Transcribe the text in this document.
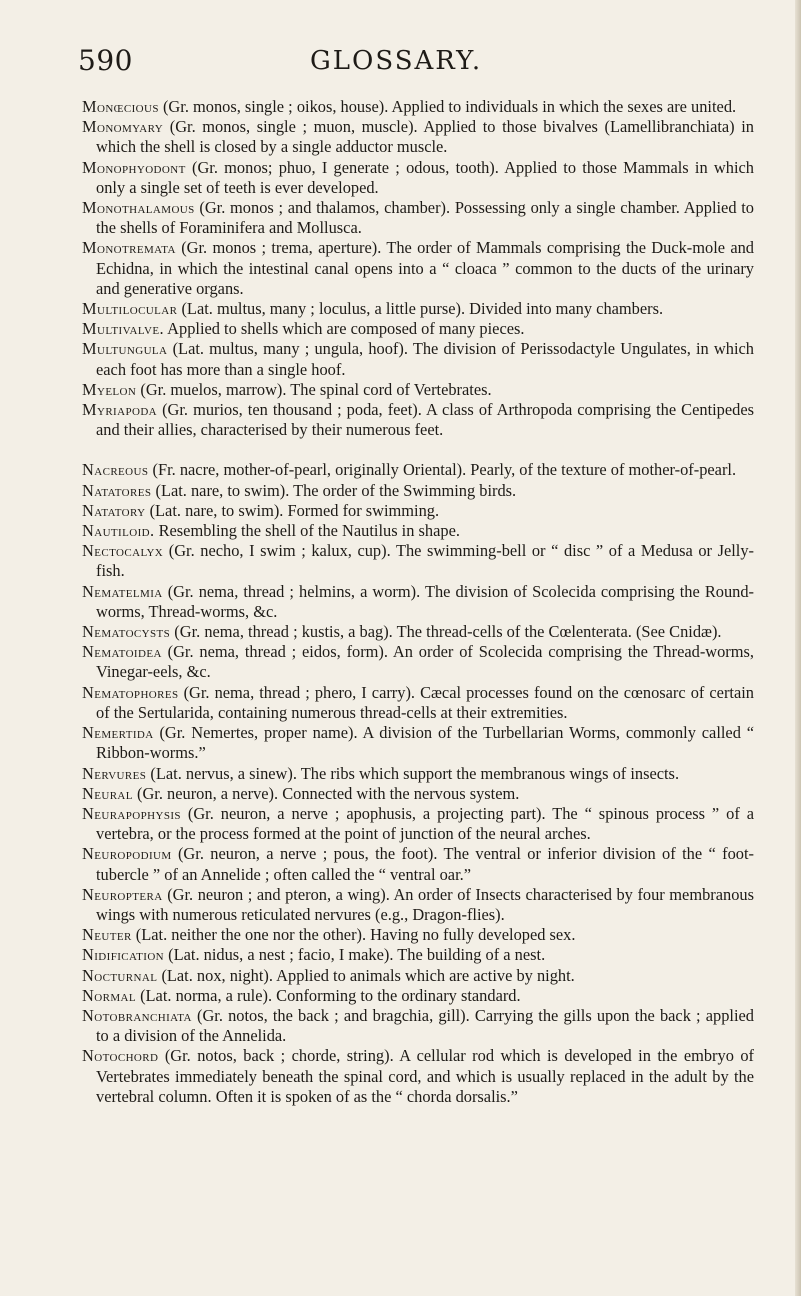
590	GLOSSARY.

Monœcious (Gr. monos, single ; oikos, house). Applied to individuals in which the sexes are united.

Monomyary (Gr. monos, single ; muon, muscle). Applied to those bivalves (Lamellibranchiata) in which the shell is closed by a single adductor muscle.

Monophyodont (Gr. monos; phuo, I generate ; odous, tooth). Applied to those Mammals in which only a single set of teeth is ever developed.

Monothalamous (Gr. monos ; and thalamos, chamber). Possessing only a single chamber. Applied to the shells of Foraminifera and Mollusca.

Monotremata (Gr. monos ; trema, aperture). The order of Mammals comprising the Duck-mole and Echidna, in which the intestinal canal opens into a “ cloaca ” common to the ducts of the urinary and generative organs.

Multilocular (Lat. multus, many ; loculus, a little purse). Divided into many chambers.

Multivalve. Applied to shells which are composed of many pieces.

Multungula (Lat. multus, many ; ungula, hoof). The division of Perissodactyle Ungulates, in which each foot has more than a single hoof.

Myelon (Gr. muelos, marrow). The spinal cord of Vertebrates.

Myriapoda (Gr. murios, ten thousand ; poda, feet). A class of Arthropoda comprising the Centipedes and their allies, characterised by their numerous feet.

Nacreous (Fr. nacre, mother-of-pearl, originally Oriental). Pearly, of the texture of mother-of-pearl.

Natatores (Lat. nare, to swim). The order of the Swimming birds.

Natatory (Lat. nare, to swim). Formed for swimming.

Nautiloid. Resembling the shell of the Nautilus in shape.

Nectocalyx (Gr. necho, I swim ; kalux, cup). The swimming-bell or “ disc ” of a Medusa or Jelly-fish.

Nematelmia (Gr. nema, thread ; helmins, a worm). The division of Scolecida comprising the Round-worms, Thread-worms, &c.

Nematocysts (Gr. nema, thread ; kustis, a bag). The thread-cells of the Cœlenterata. (See Cnidæ).

Nematoidea (Gr. nema, thread ; eidos, form). An order of Scolecida comprising the Thread-worms, Vinegar-eels, &c.

Nematophores (Gr. nema, thread ; phero, I carry). Cæcal processes found on the cœnosarc of certain of the Sertularida, containing numerous thread-cells at their extremities.

Nemertida (Gr. Nemertes, proper name). A division of the Turbellarian Worms, commonly called “ Ribbon-worms.”

Nervures (Lat. nervus, a sinew). The ribs which support the membranous wings of insects.

Neural (Gr. neuron, a nerve). Connected with the nervous system.

Neurapophysis (Gr. neuron, a nerve ; apophusis, a projecting part). The “ spinous process ” of a vertebra, or the process formed at the point of junction of the neural arches.

Neuropodium (Gr. neuron, a nerve ; pous, the foot). The ventral or inferior division of the “ foot-tubercle ” of an Annelide ; often called the “ ventral oar.”

Neuroptera (Gr. neuron ; and pteron, a wing). An order of Insects characterised by four membranous wings with numerous reticulated nervures (e.g., Dragon-flies).

Neuter (Lat. neither the one nor the other). Having no fully developed sex.

Nidification (Lat. nidus, a nest ; facio, I make). The building of a nest.

Nocturnal (Lat. nox, night). Applied to animals which are active by night.

Normal (Lat. norma, a rule). Conforming to the ordinary standard.

Notobranchiata (Gr. notos, the back ; and bragchia, gill). Carrying the gills upon the back ; applied to a division of the Annelida.

Notochord (Gr. notos, back ; chorde, string). A cellular rod which is developed in the embryo of Vertebrates immediately beneath the spinal cord, and which is usually replaced in the adult by the vertebral column. Often it is spoken of as the “ chorda dorsalis.”
